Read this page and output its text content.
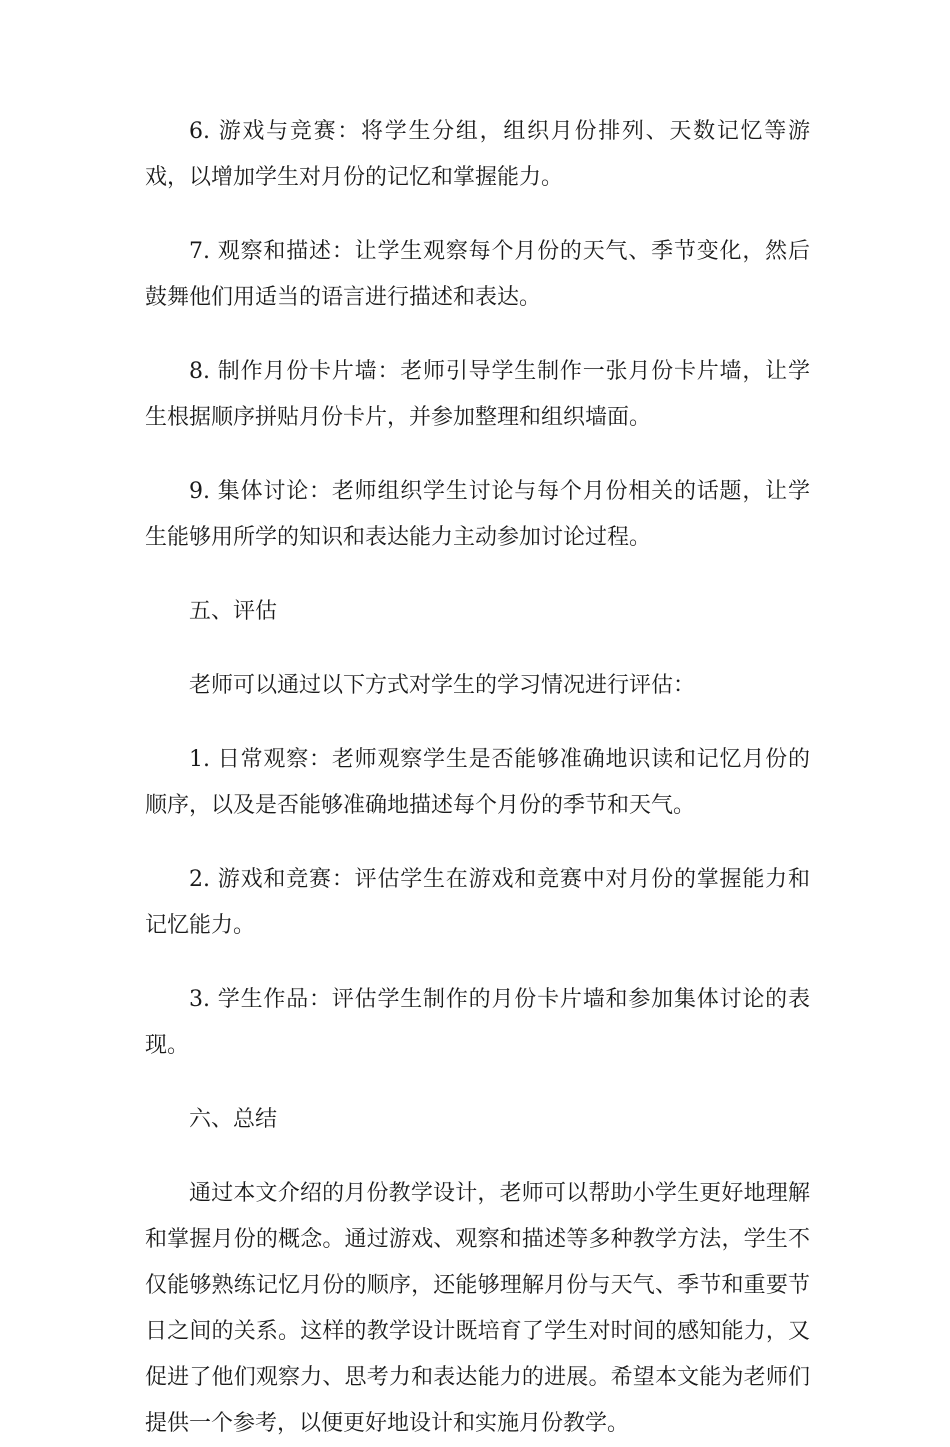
6. 游戏与竞赛：将学生分组，组织月份排列、天数记忆等游戏，以增加学生对月份的记忆和掌握能力。

7. 观察和描述：让学生观察每个月份的天气、季节变化，然后鼓舞他们用适当的语言进行描述和表达。

8. 制作月份卡片墙：老师引导学生制作一张月份卡片墙，让学生根据顺序拼贴月份卡片，并参加整理和组织墙面。

9. 集体讨论：老师组织学生讨论与每个月份相关的话题，让学生能够用所学的知识和表达能力主动参加讨论过程。

五、评估

老师可以通过以下方式对学生的学习情况进行评估：

1. 日常观察：老师观察学生是否能够准确地识读和记忆月份的顺序，以及是否能够准确地描述每个月份的季节和天气。

2. 游戏和竞赛：评估学生在游戏和竞赛中对月份的掌握能力和记忆能力。

3. 学生作品：评估学生制作的月份卡片墙和参加集体讨论的表现。

六、总结

通过本文介绍的月份教学设计，老师可以帮助小学生更好地理解和掌握月份的概念。通过游戏、观察和描述等多种教学方法，学生不仅能够熟练记忆月份的顺序，还能够理解月份与天气、季节和重要节日之间的关系。这样的教学设计既培育了学生对时间的感知能力，又促进了他们观察力、思考力和表达能力的进展。希望本文能为老师们提供一个参考，以便更好地设计和实施月份教学。
